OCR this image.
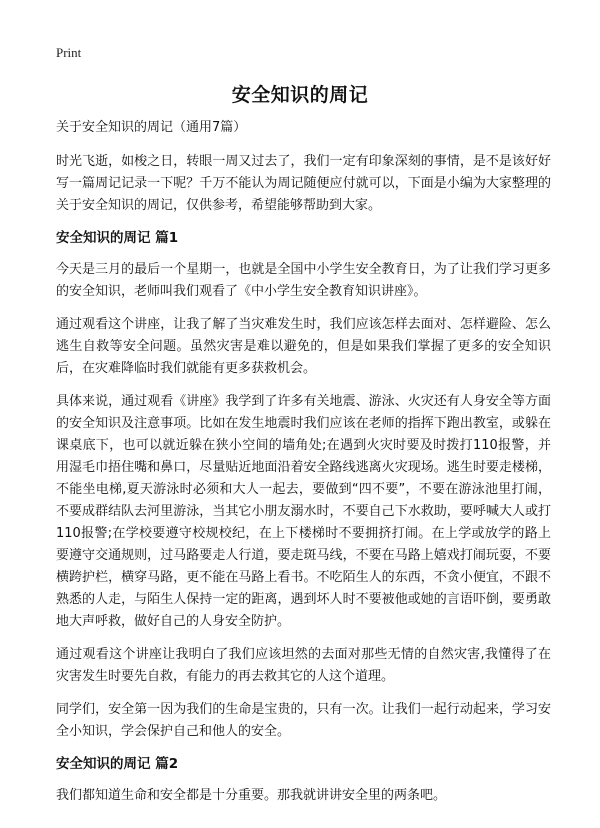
Print
安全知识的周记

关于安全知识的周记（通用7篇）

时光飞逝，如梭之日，转眼一周又过去了，我们一定有印象深刻的事情，是不是该好好写一篇周记记录一下呢？千万不能认为周记随便应付就可以，下面是小编为大家整理的关于安全知识的周记，仅供参考，希望能够帮助到大家。

安全知识的周记 篇1

今天是三月的最后一个星期一，也就是全国中小学生安全教育日，为了让我们学习更多的安全知识，老师叫我们观看了《中小学生安全教育知识讲座》。

通过观看这个讲座，让我了解了当灾难发生时，我们应该怎样去面对、怎样避险、怎么逃生自救等安全问题。虽然灾害是难以避免的，但是如果我们掌握了更多的安全知识后，在灾难降临时我们就能有更多获救机会。

具体来说，通过观看《讲座》我学到了许多有关地震、游泳、火灾还有人身安全等方面的安全知识及注意事项。比如在发生地震时我们应该在老师的指挥下跑出教室，或躲在课桌底下，也可以就近躲在狭小空间的墙角处;在遇到火灾时要及时拨打110报警，并用湿毛巾捂住嘴和鼻口，尽量贴近地面沿着安全路线逃离火灾现场。逃生时要走楼梯，不能坐电梯,夏天游泳时必须和大人一起去，要做到“四不要”，不要在游泳池里打闹，不要成群结队去河里游泳，当其它小朋友溺水时，不要自己下水救助，要呼喊大人或打110报警;在学校要遵守校规校纪，在上下楼梯时不要拥挤打闹。在上学或放学的路上要遵守交通规则，过马路要走人行道，要走斑马线，不要在马路上嬉戏打闹玩耍，不要横跨护栏，横穿马路，更不能在马路上看书。不吃陌生人的东西，不贪小便宜，不跟不熟悉的人走，与陌生人保持一定的距离，遇到坏人时不要被他或她的言语吓倒，要勇敢地大声呼救，做好自己的人身安全防护。

通过观看这个讲座让我明白了我们应该坦然的去面对那些无情的自然灾害,我懂得了在灾害发生时要先自救，有能力的再去救其它的人这个道理。

同学们，安全第一因为我们的生命是宝贵的，只有一次。让我们一起行动起来，学习安全小知识，学会保护自己和他人的安全。

安全知识的周记 篇2

我们都知道生命和安全都是十分重要。那我就讲讲安全里的两条吧。
